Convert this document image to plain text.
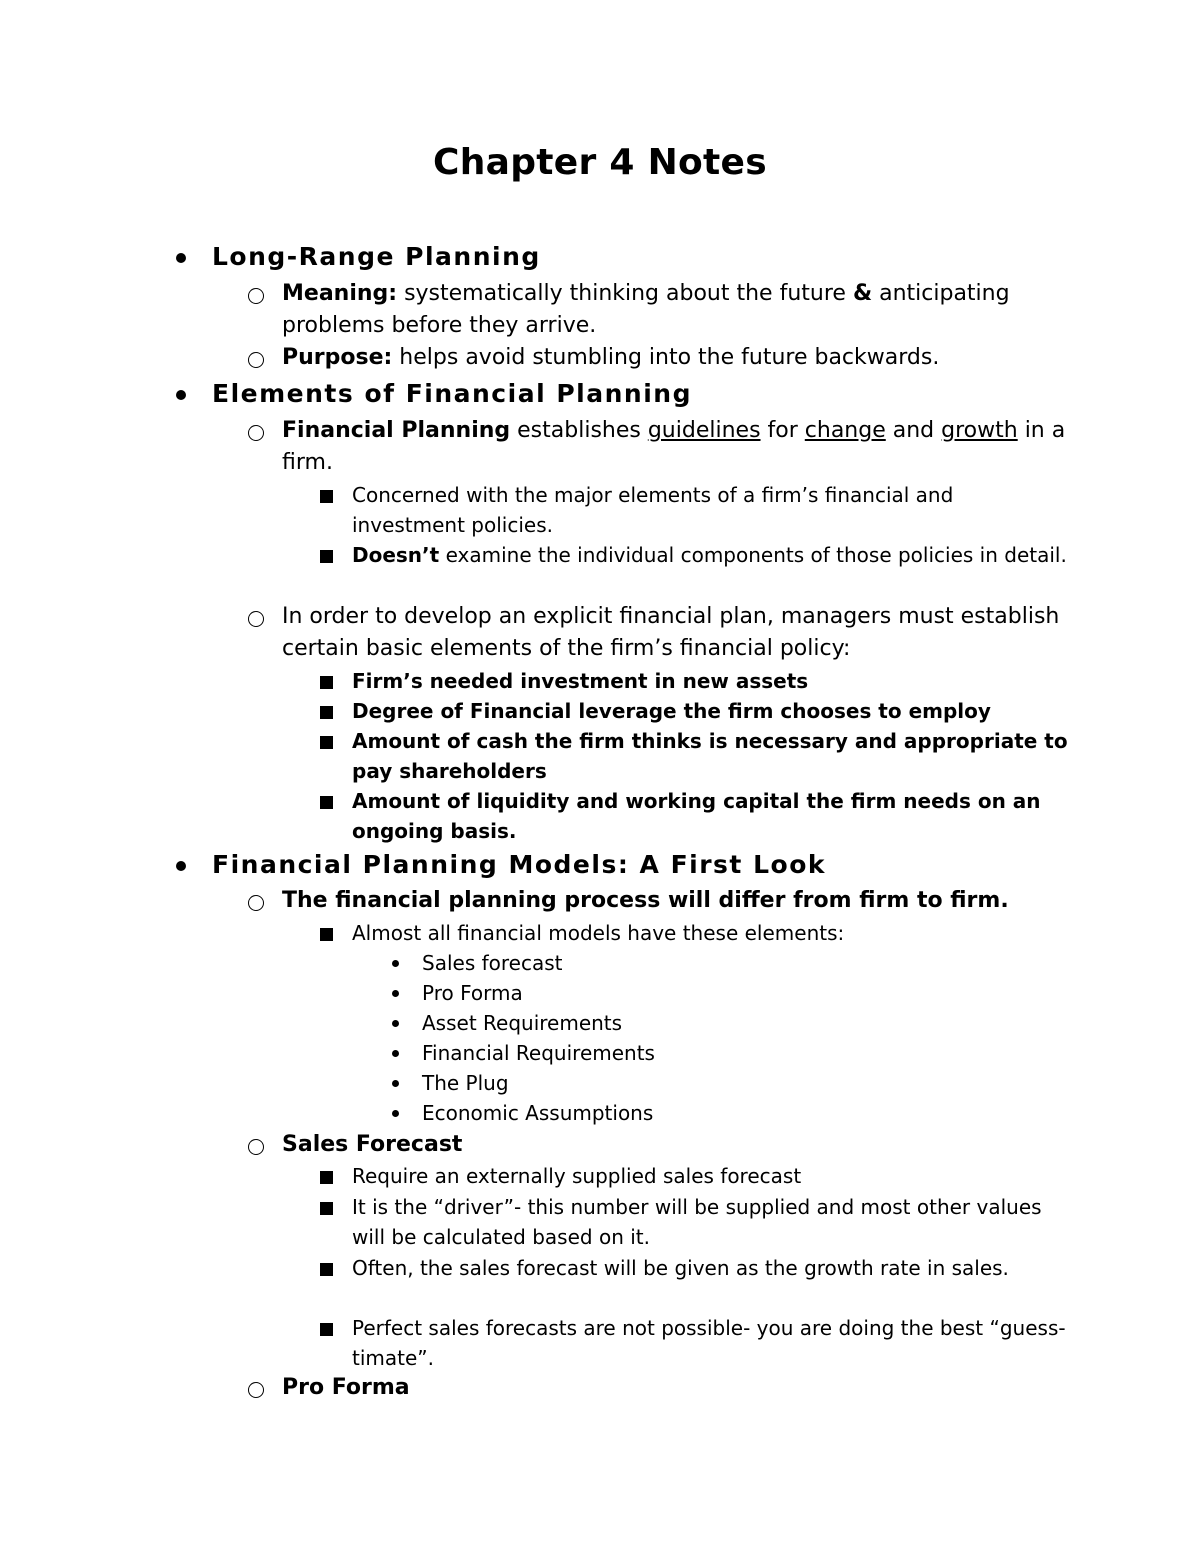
Chapter 4 Notes
Long-Range Planning
Meaning: systematically thinking about the future & anticipating problems before they arrive.
Purpose: helps avoid stumbling into the future backwards.
Elements of Financial Planning
Financial Planning establishes guidelines for change and growth in a firm.
Concerned with the major elements of a firm’s financial and investment policies.
Doesn’t examine the individual components of those policies in detail.
In order to develop an explicit financial plan, managers must establish certain basic elements of the firm’s financial policy:
Firm’s needed investment in new assets
Degree of Financial leverage the firm chooses to employ
Amount of cash the firm thinks is necessary and appropriate to pay shareholders
Amount of liquidity and working capital the firm needs on an ongoing basis.
Financial Planning Models: A First Look
The financial planning process will differ from firm to firm.
Almost all financial models have these elements:
Sales forecast
Pro Forma
Asset Requirements
Financial Requirements
The Plug
Economic Assumptions
Sales Forecast
Require an externally supplied sales forecast
It is the “driver”- this number will be supplied and most other values will be calculated based on it.
Often, the sales forecast will be given as the growth rate in sales.
Perfect sales forecasts are not possible- you are doing the best “guess-timate”.
Pro Forma
